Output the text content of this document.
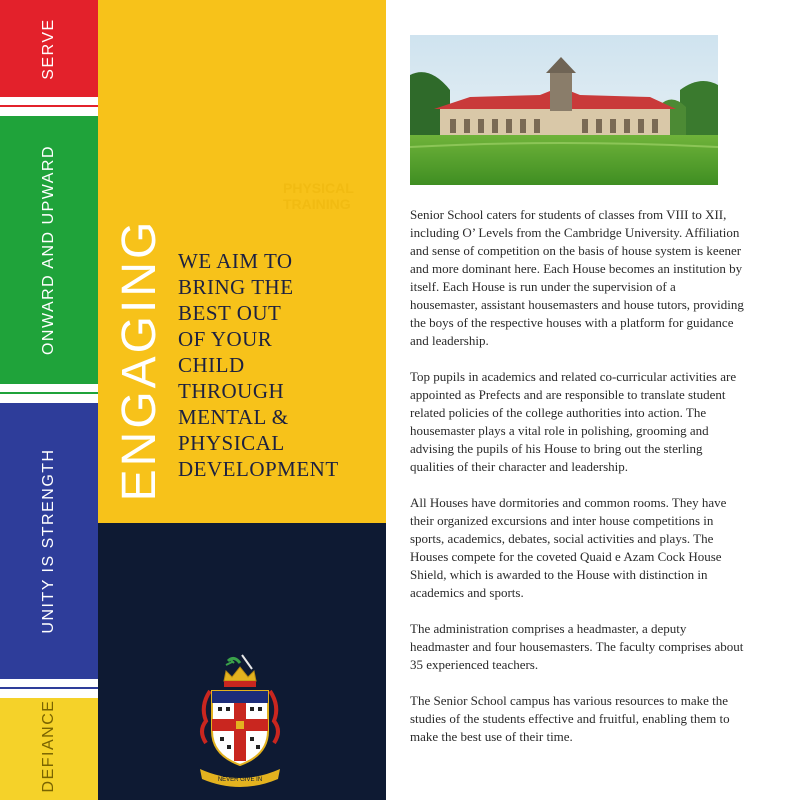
SERVE
ONWARD AND UPWARD
UNITY IS STRENGTH
DEFIANCE
PHYSICAL
TRAINING
ENGAGING WE AIM TO
BRING THE
BEST OUT
OF YOUR
CHILD
THROUGH
MENTAL &
PHYSICAL
DEVELOPMENT
NEVER GIVE IN

Senior School caters for students of classes from VIII to XII, including O’ Levels from the Cambridge University. Affiliation and sense of competition on the basis of house system is keener and more dominant here. Each House becomes an institution by itself. Each House is run under the supervision of a housemaster, assistant housemasters and house tutors, providing the boys of the respective houses with a platform for guidance and leadership.

Top pupils in academics and related co-curricular activities are appointed as Prefects and are responsible to translate student related policies of the college authorities into action. The housemaster plays a vital role in polishing, grooming and advising the pupils of his House to bring out the sterling qualities of their character and leadership.

All Houses have dormitories and common rooms. They have their organized excursions and inter house competitions in sports, academics, debates, social activities and plays. The Houses compete for the coveted Quaid e Azam Cock House Shield, which is awarded to the House with distinction in academics and sports.

The administration comprises a headmaster, a deputy headmaster and four housemasters. The faculty comprises about 35 experienced teachers.

The Senior School campus has various resources to make the studies of the students effective and fruitful, enabling them to make the best use of their time.
